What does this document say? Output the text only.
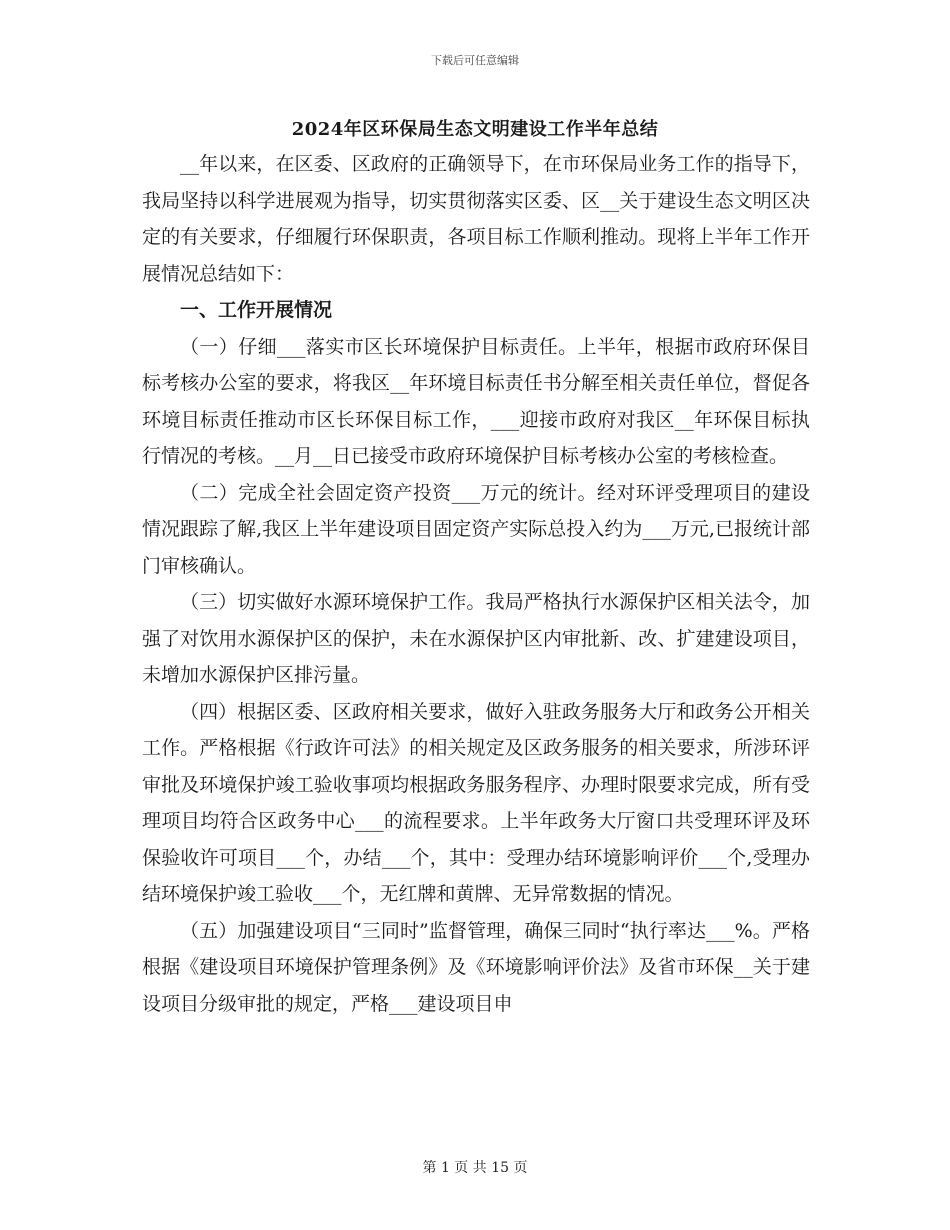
下载后可任意编辑
2024年区环保局生态文明建设工作半年总结

__年以来，在区委、区政府的正确领导下，在市环保局业务工作的指导下，我局坚持以科学进展观为指导，切实贯彻落实区委、区__关于建设生态文明区决定的有关要求，仔细履行环保职责，各项目标工作顺利推动。现将上半年工作开展情况总结如下：

一、工作开展情况

（一）仔细___落实市区长环境保护目标责任。上半年，根据市政府环保目标考核办公室的要求，将我区__年环境目标责任书分解至相关责任单位，督促各环境目标责任推动市区长环保目标工作，___迎接市政府对我区__年环保目标执行情况的考核。__月__日已接受市政府环境保护目标考核办公室的考核检查。

（二）完成全社会固定资产投资___万元的统计。经对环评受理项目的建设情况跟踪了解,我区上半年建设项目固定资产实际总投入约为___万元,已报统计部门审核确认。

（三）切实做好水源环境保护工作。我局严格执行水源保护区相关法令，加强了对饮用水源保护区的保护，未在水源保护区内审批新、改、扩建建设项目，未增加水源保护区排污量。

（四）根据区委、区政府相关要求，做好入驻政务服务大厅和政务公开相关工作。严格根据《行政许可法》的相关规定及区政务服务的相关要求，所涉环评审批及环境保护竣工验收事项均根据政务服务程序、办理时限要求完成，所有受理项目均符合区政务中心___的流程要求。上半年政务大厅窗口共受理环评及环保验收许可项目___个，办结___个，其中：受理办结环境影响评价___个,受理办结环境保护竣工验收___个，无红牌和黄牌、无异常数据的情况。

（五）加强建设项目“三同时”监督管理，确保三同时“执行率达___%。严格根据《建设项目环境保护管理条例》及《环境影响评价法》及省市环保__关于建设项目分级审批的规定，严格___建设项目申

第 1 页 共 15 页
